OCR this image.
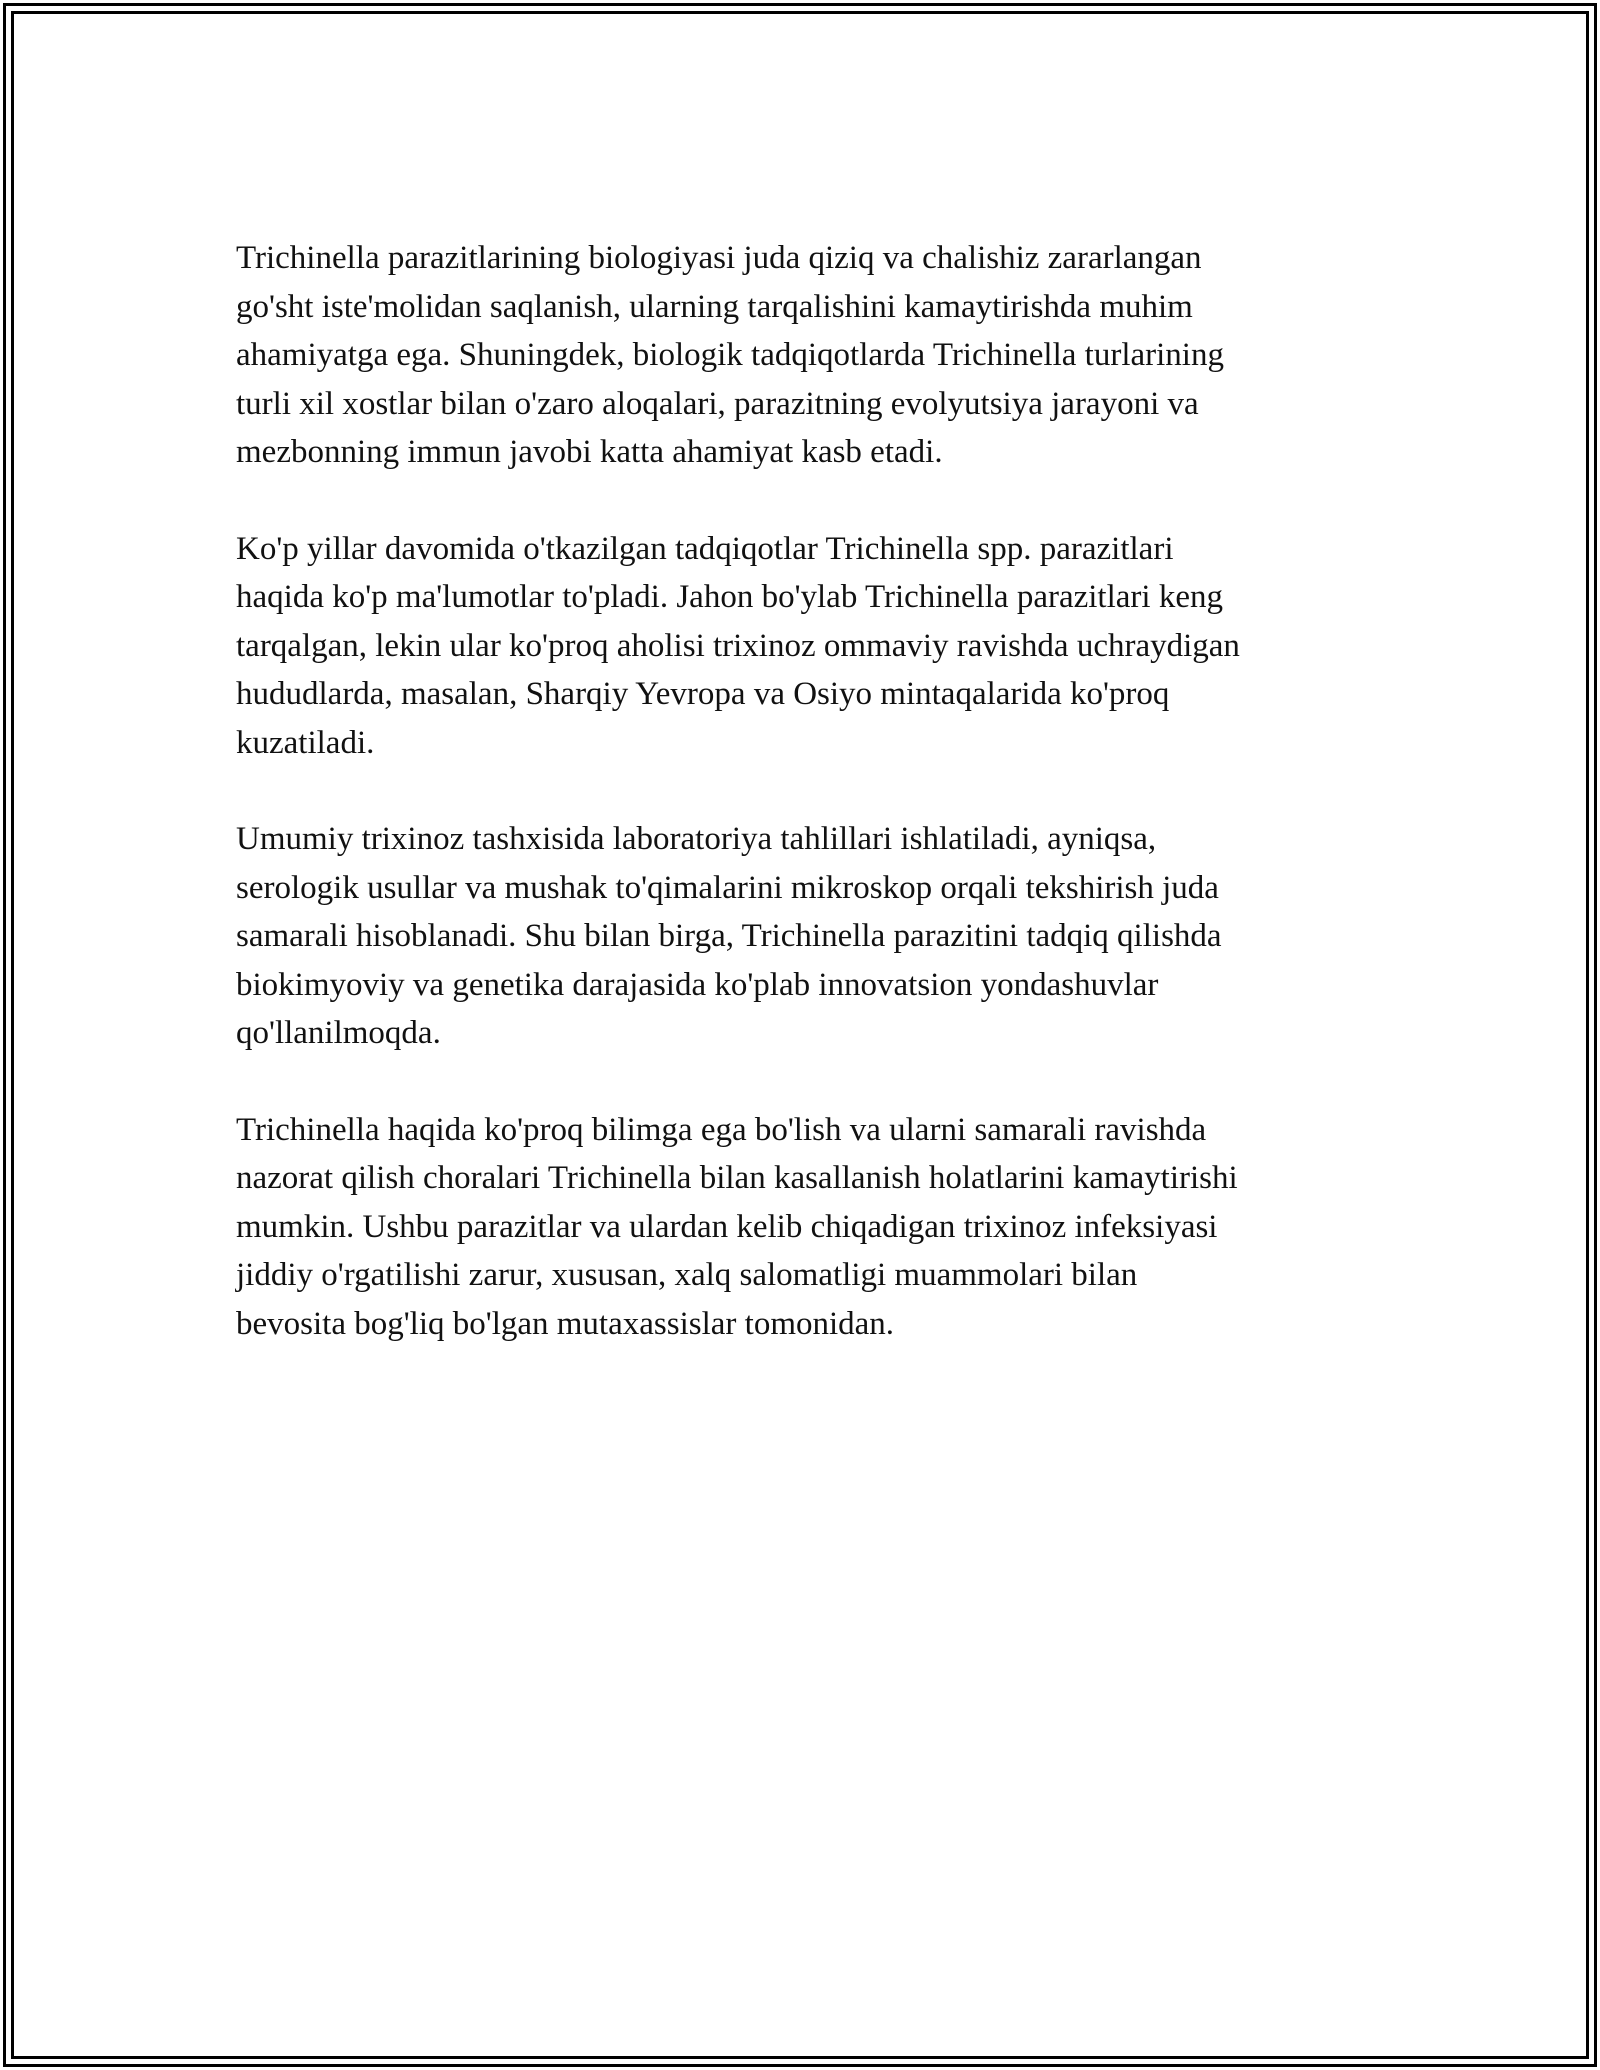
Trichinella parazitlarining biologiyasi juda qiziq va chalishiz zararlangan
go'sht iste'molidan saqlanish, ularning tarqalishini kamaytirishda muhim
ahamiyatga ega. Shuningdek, biologik tadqiqotlarda Trichinella turlarining
turli xil xostlar bilan o'zaro aloqalari, parazitning evolyutsiya jarayoni va
mezbonning immun javobi katta ahamiyat kasb etadi.

Ko'p yillar davomida o'tkazilgan tadqiqotlar Trichinella spp. parazitlari
haqida ko'p ma'lumotlar to'pladi. Jahon bo'ylab Trichinella parazitlari keng
tarqalgan, lekin ular ko'proq aholisi trixinoz ommaviy ravishda uchraydigan
hududlarda, masalan, Sharqiy Yevropa va Osiyo mintaqalarida ko'proq
kuzatiladi.

Umumiy trixinoz tashxisida laboratoriya tahlillari ishlatiladi, ayniqsa,
serologik usullar va mushak to'qimalarini mikroskop orqali tekshirish juda
samarali hisoblanadi. Shu bilan birga, Trichinella parazitini tadqiq qilishda
biokimyoviy va genetika darajasida ko'plab innovatsion yondashuvlar
qo'llanilmoqda.

Trichinella haqida ko'proq bilimga ega bo'lish va ularni samarali ravishda
nazorat qilish choralari Trichinella bilan kasallanish holatlarini kamaytirishi
mumkin. Ushbu parazitlar va ulardan kelib chiqadigan trixinoz infeksiyasi
jiddiy o'rgatilishi zarur, xususan, xalq salomatligi muammolari bilan
bevosita bog'liq bo'lgan mutaxassislar tomonidan.
